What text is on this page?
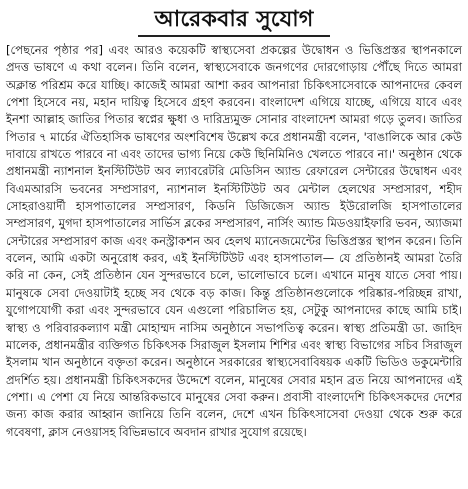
আরেকবার সুযোগ

[পেছনের পৃষ্ঠার পর] এবং আরও কয়েকটি স্বাস্থ্যসেবা প্রকল্পের উদ্বোধন ও ভিত্তিপ্রস্তর স্থাপনকালে প্রদত্ত ভাষণে এ কথা বলেন। তিনি বলেন, স্বাস্থ্যসেবাকে জনগণের দোরগোড়ায় পৌঁছে দিতে আমরা অক্লান্ত পরিশ্রম করে যাচ্ছি। কাজেই আমরা আশা করব আপনারা চিকিৎসাসেবাকে আপনাদের কেবল পেশা হিসেবে নয়, মহান দায়িত্ব হিসেবে গ্রহণ করবেন। বাংলাদেশ এগিয়ে যাচ্ছে, এগিয়ে যাবে এবং ইনশা আল্লাহ জাতির পিতার স্বপ্নের ক্ষুধা ও দারিদ্র্যমুক্ত সোনার বাংলাদেশ আমরা গড়ে তুলব। জাতির পিতার ৭ মার্চের ঐতিহাসিক ভাষণের অংশবিশেষ উল্লেখ করে প্রধানমন্ত্রী বলেন, 'বাঙালিকে আর কেউ দাবায়ে রাখতে পারবে না এবং তাদের ভাগ্য নিয়ে কেউ ছিনিমিনিও খেলতে পারবে না।' অনুষ্ঠান থেকে প্রধানমন্ত্রী ন্যাশনাল ইনস্টিটিউট অব ল্যাবরেটরি মেডিসিন অ্যান্ড রেফারেল সেন্টারের উদ্বোধন এবং বিএমআরসি ভবনের সম্প্রসারণ, ন্যাশনাল ইনস্টিটিউট অব মেন্টাল হেলথের সম্প্রসারণ, শহীদ সোহরাওয়ার্দী হাসপাতালের সম্প্রসারণ, কিডনি ডিজিজেস অ্যান্ড ইউরোলজি হাসপাতালের সম্প্রসারণ, মুগদা হাসপাতালের সার্ভিস ব্লকের সম্প্রসারণ, নার্সিং অ্যান্ড মিডওয়াইফারি ভবন, অ্যাজমা সেন্টারের সম্প্রসারণ কাজ এবং কনস্ট্রাকশন অব হেলথ ম্যানেজমেন্টের ভিত্তিপ্রস্তর স্থাপন করেন। তিনি বলেন, আমি একটা অনুরোধ করব, এই ইনস্টিটিউট এবং হাসপাতাল— যে প্রতিষ্ঠানই আমরা তৈরি করি না কেন, সেই প্রতিষ্ঠান যেন সুন্দরভাবে চলে, ভালোভাবে চলে। এখানে মানুষ যাতে সেবা পায়। মানুষকে সেবা দেওয়াটাই হচ্ছে সব থেকে বড় কাজ। কিন্তু প্রতিষ্ঠানগুলোকে পরিষ্কার-পরিচ্ছন্ন রাখা, যুগোপযোগী করা এবং সুন্দরভাবে যেন এগুলো পরিচালিত হয়, সেটুকু আপনাদের কাছে আমি চাই। স্বাস্থ্য ও পরিবারকল্যাণ মন্ত্রী মোহাম্মদ নাসিম অনুষ্ঠানে সভাপতিত্ব করেন। স্বাস্থ্য প্রতিমন্ত্রী ডা. জাহিদ মালেক, প্রধানমন্ত্রীর ব্যক্তিগত চিকিৎসক সিরাজুল ইসলাম শিশির এবং স্বাস্থ্য বিভাগের সচিব সিরাজুল ইসলাম খান অনুষ্ঠানে বক্তৃতা করেন। অনুষ্ঠানে সরকারের স্বাস্থ্যসেবাবিষয়ক একটি ভিডিও ডকুমেন্টারি প্রদর্শিত হয়। প্রধানমন্ত্রী চিকিৎসকদের উদ্দেশে বলেন, মানুষের সেবার মহান ব্রত নিয়ে আপনাদের এই পেশা। এ পেশা যে নিয়ে আন্তরিকভাবে মানুষের সেবা করুন। প্রবাসী বাংলাদেশি চিকিৎসকদের দেশের জন্য কাজ করার আহ্বান জানিয়ে তিনি বলেন, দেশে এখন চিকিৎসাসেবা দেওয়া থেকে শুরু করে গবেষণা, ক্লাস নেওয়াসহ বিভিন্নভাবে অবদান রাখার সুযোগ রয়েছে।
